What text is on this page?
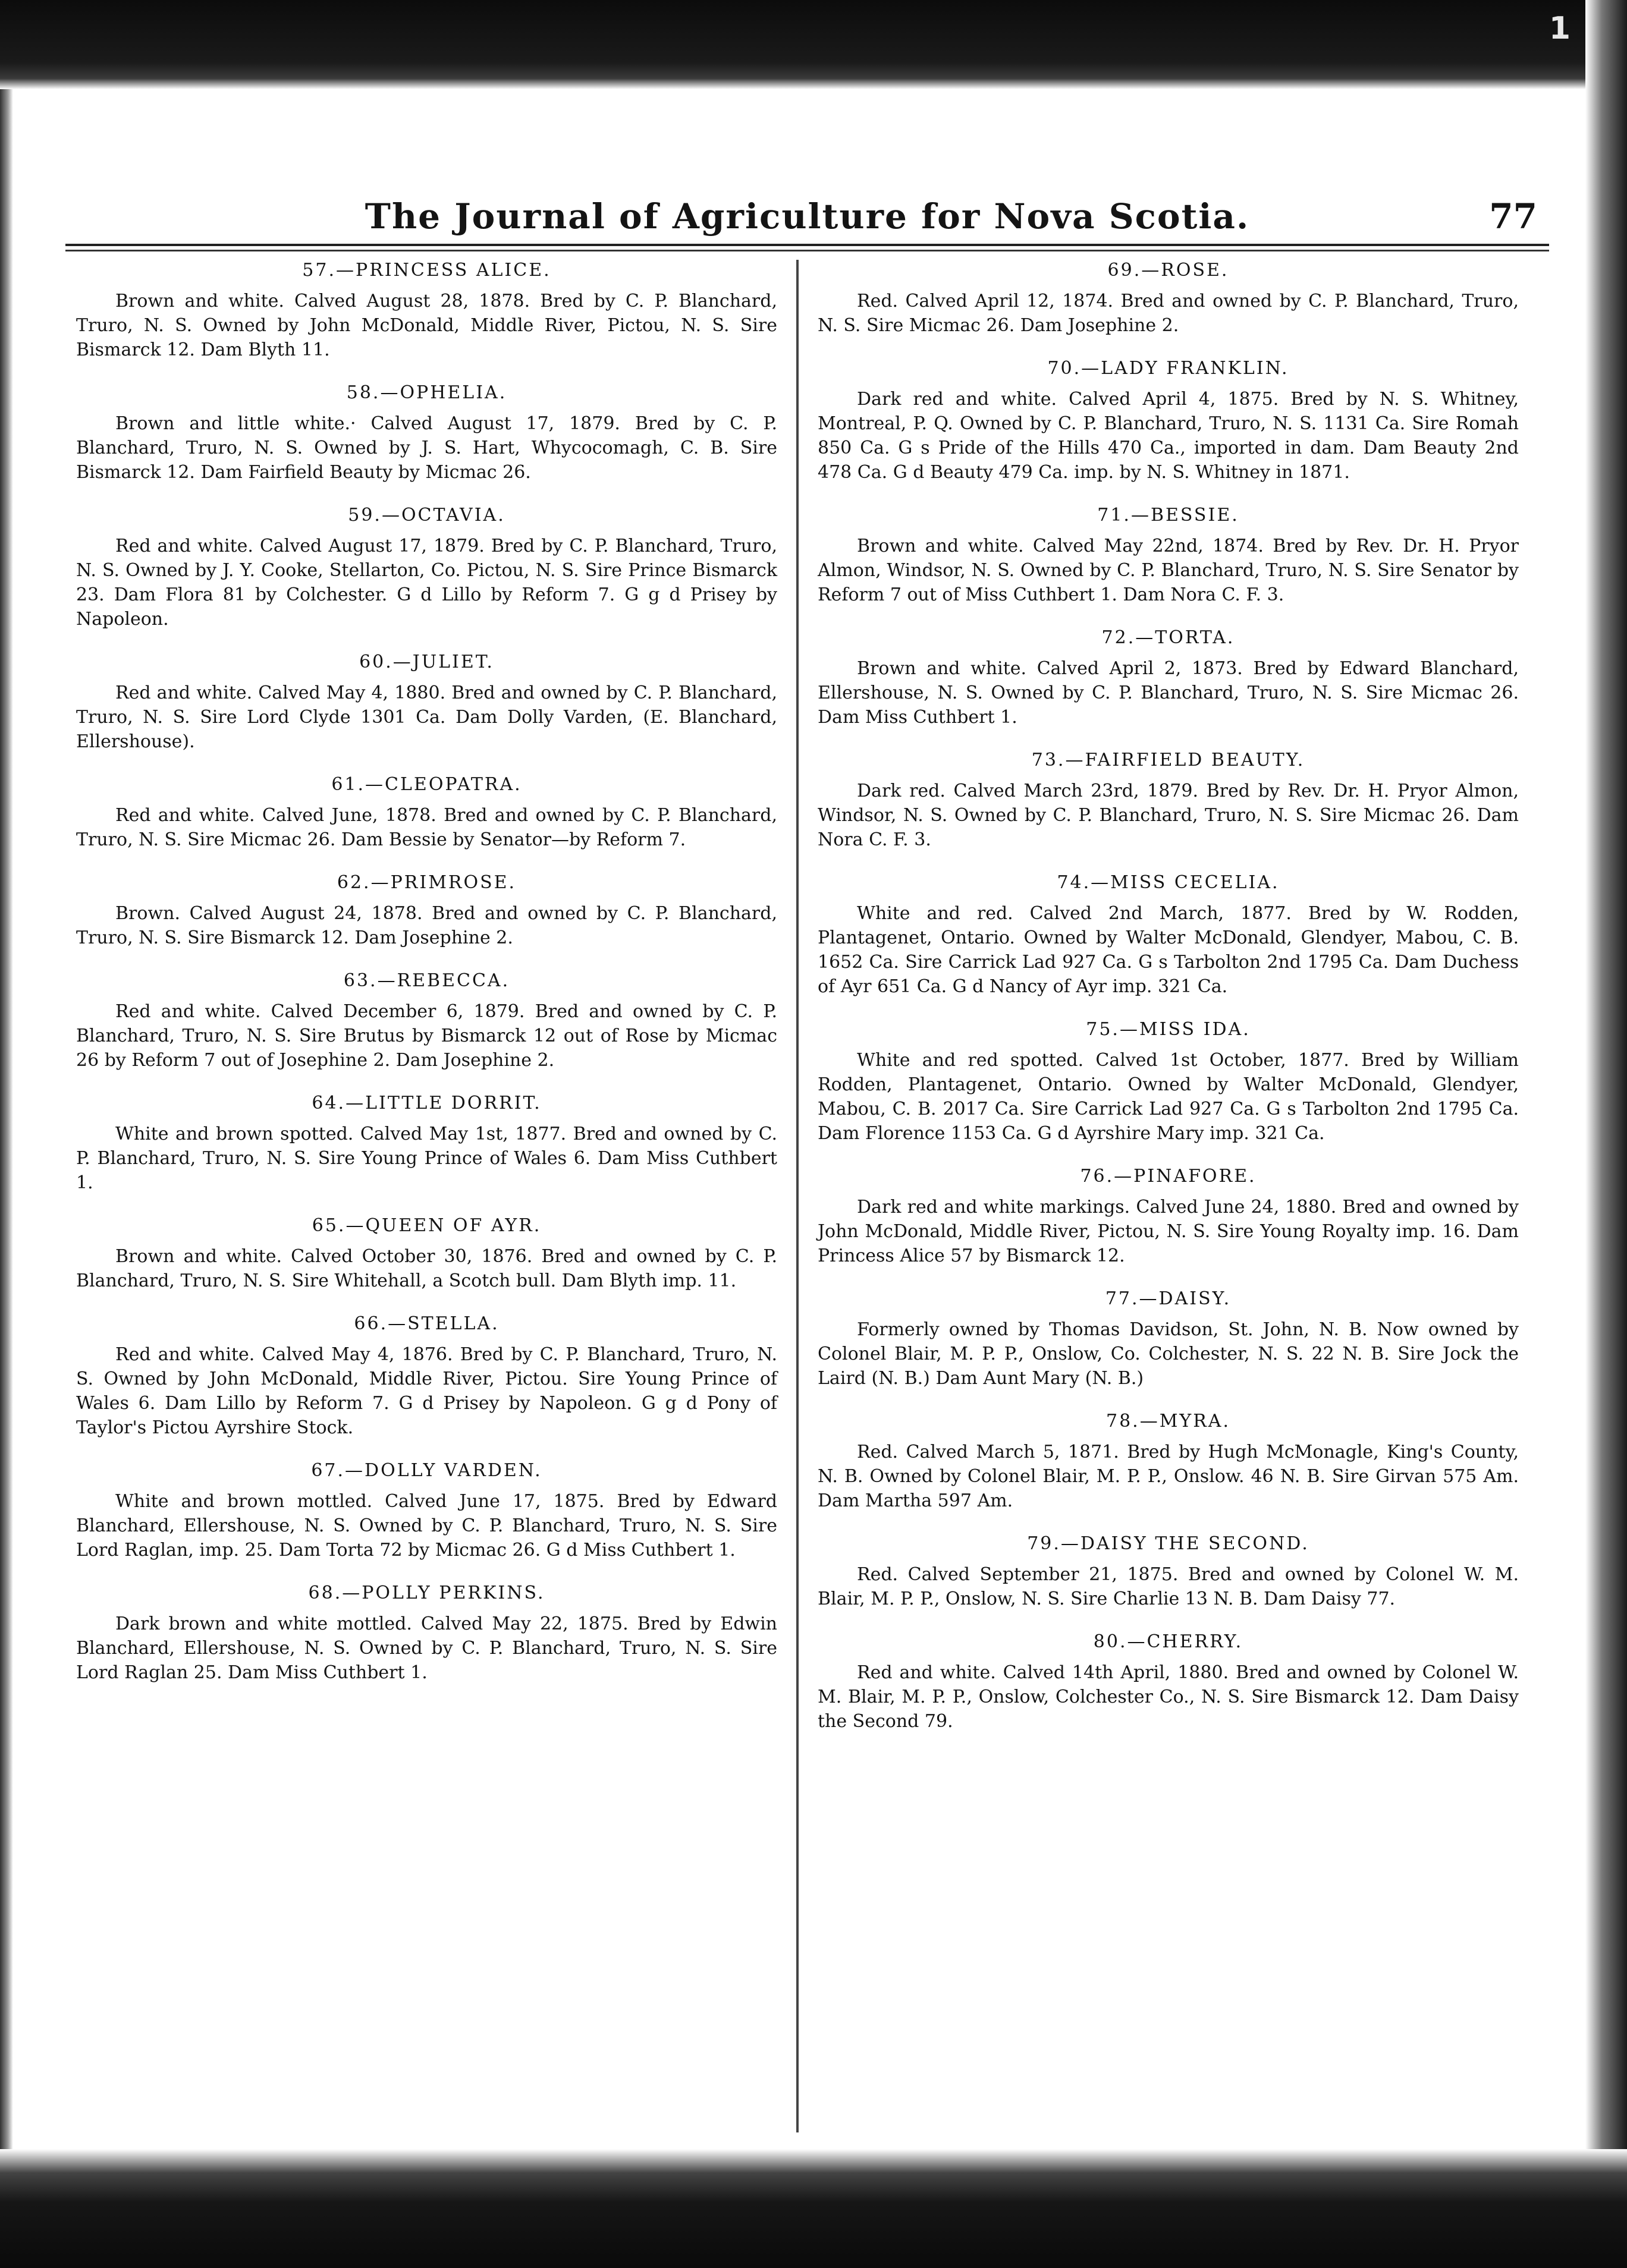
1
The Journal of Agriculture for Nova Scotia.	77
57.—PRINCESS ALICE.

Brown and white. Calved August 28, 1878. Bred by C. P. Blanchard, Truro, N. S. Owned by John McDonald, Middle River, Pictou, N. S. Sire Bismarck 12. Dam Blyth 11.

58.—OPHELIA.

Brown and little white.· Calved August 17, 1879. Bred by C. P. Blanchard, Truro, N. S. Owned by J. S. Hart, Whycocomagh, C. B. Sire Bismarck 12. Dam Fairfield Beauty by Micmac 26.

59.—OCTAVIA.

Red and white. Calved August 17, 1879. Bred by C. P. Blanchard, Truro, N. S. Owned by J. Y. Cooke, Stellarton, Co. Pictou, N. S. Sire Prince Bismarck 23. Dam Flora 81 by Colchester. G d Lillo by Reform 7. G g d Prisey by Napoleon.

60.—JULIET.

Red and white. Calved May 4, 1880. Bred and owned by C. P. Blanchard, Truro, N. S. Sire Lord Clyde 1301 Ca. Dam Dolly Varden, (E. Blanchard, Ellershouse).

61.—CLEOPATRA.

Red and white. Calved June, 1878. Bred and owned by C. P. Blanchard, Truro, N. S. Sire Micmac 26. Dam Bessie by Senator—by Reform 7.

62.—PRIMROSE.

Brown. Calved August 24, 1878. Bred and owned by C. P. Blanchard, Truro, N. S. Sire Bismarck 12. Dam Josephine 2.

63.—REBECCA.

Red and white. Calved December 6, 1879. Bred and owned by C. P. Blanchard, Truro, N. S. Sire Brutus by Bismarck 12 out of Rose by Micmac 26 by Reform 7 out of Josephine 2. Dam Josephine 2.

64.—LITTLE DORRIT.

White and brown spotted. Calved May 1st, 1877. Bred and owned by C. P. Blanchard, Truro, N. S. Sire Young Prince of Wales 6. Dam Miss Cuthbert 1.

65.—QUEEN OF AYR.

Brown and white. Calved October 30, 1876. Bred and owned by C. P. Blanchard, Truro, N. S. Sire Whitehall, a Scotch bull. Dam Blyth imp. 11.

66.—STELLA.

Red and white. Calved May 4, 1876. Bred by C. P. Blanchard, Truro, N. S. Owned by John McDonald, Middle River, Pictou. Sire Young Prince of Wales 6. Dam Lillo by Reform 7. G d Prisey by Napoleon. G g d Pony of Taylor's Pictou Ayrshire Stock.

67.—DOLLY VARDEN.

White and brown mottled. Calved June 17, 1875. Bred by Edward Blanchard, Ellershouse, N. S. Owned by C. P. Blanchard, Truro, N. S. Sire Lord Raglan, imp. 25. Dam Torta 72 by Micmac 26. G d Miss Cuthbert 1.

68.—POLLY PERKINS.

Dark brown and white mottled. Calved May 22, 1875. Bred by Edwin Blanchard, Ellershouse, N. S. Owned by C. P. Blanchard, Truro, N. S. Sire Lord Raglan 25. Dam Miss Cuthbert 1.

69.—ROSE.

Red. Calved April 12, 1874. Bred and owned by C. P. Blanchard, Truro, N. S. Sire Micmac 26. Dam Josephine 2.

70.—LADY FRANKLIN.

Dark red and white. Calved April 4, 1875. Bred by N. S. Whitney, Montreal, P. Q. Owned by C. P. Blanchard, Truro, N. S. 1131 Ca. Sire Romah 850 Ca. G s Pride of the Hills 470 Ca., imported in dam. Dam Beauty 2nd 478 Ca. G d Beauty 479 Ca. imp. by N. S. Whitney in 1871.

71.—BESSIE.

Brown and white. Calved May 22nd, 1874. Bred by Rev. Dr. H. Pryor Almon, Windsor, N. S. Owned by C. P. Blanchard, Truro, N. S. Sire Senator by Reform 7 out of Miss Cuthbert 1. Dam Nora C. F. 3.

72.—TORTA.

Brown and white. Calved April 2, 1873. Bred by Edward Blanchard, Ellershouse, N. S. Owned by C. P. Blanchard, Truro, N. S. Sire Micmac 26. Dam Miss Cuthbert 1.

73.—FAIRFIELD BEAUTY.

Dark red. Calved March 23rd, 1879. Bred by Rev. Dr. H. Pryor Almon, Windsor, N. S. Owned by C. P. Blanchard, Truro, N. S. Sire Micmac 26. Dam Nora C. F. 3.

74.—MISS CECELIA.

White and red. Calved 2nd March, 1877. Bred by W. Rodden, Plantagenet, Ontario. Owned by Walter McDonald, Glendyer, Mabou, C. B. 1652 Ca. Sire Carrick Lad 927 Ca. G s Tarbolton 2nd 1795 Ca. Dam Duchess of Ayr 651 Ca. G d Nancy of Ayr imp. 321 Ca.

75.—MISS IDA.

White and red spotted. Calved 1st October, 1877. Bred by William Rodden, Plantagenet, Ontario. Owned by Walter McDonald, Glendyer, Mabou, C. B. 2017 Ca. Sire Carrick Lad 927 Ca. G s Tarbolton 2nd 1795 Ca. Dam Florence 1153 Ca. G d Ayrshire Mary imp. 321 Ca.

76.—PINAFORE.

Dark red and white markings. Calved June 24, 1880. Bred and owned by John McDonald, Middle River, Pictou, N. S. Sire Young Royalty imp. 16. Dam Princess Alice 57 by Bismarck 12.

77.—DAISY.

Formerly owned by Thomas Davidson, St. John, N. B. Now owned by Colonel Blair, M. P. P., Onslow, Co. Colchester, N. S. 22 N. B. Sire Jock the Laird (N. B.) Dam Aunt Mary (N. B.)

78.—MYRA.

Red. Calved March 5, 1871. Bred by Hugh McMonagle, King's County, N. B. Owned by Colonel Blair, M. P. P., Onslow. 46 N. B. Sire Girvan 575 Am. Dam Martha 597 Am.

79.—DAISY THE SECOND.

Red. Calved September 21, 1875. Bred and owned by Colonel W. M. Blair, M. P. P., Onslow, N. S. Sire Charlie 13 N. B. Dam Daisy 77.

80.—CHERRY.

Red and white. Calved 14th April, 1880. Bred and owned by Colonel W. M. Blair, M. P. P., Onslow, Colchester Co., N. S. Sire Bismarck 12. Dam Daisy the Second 79.
